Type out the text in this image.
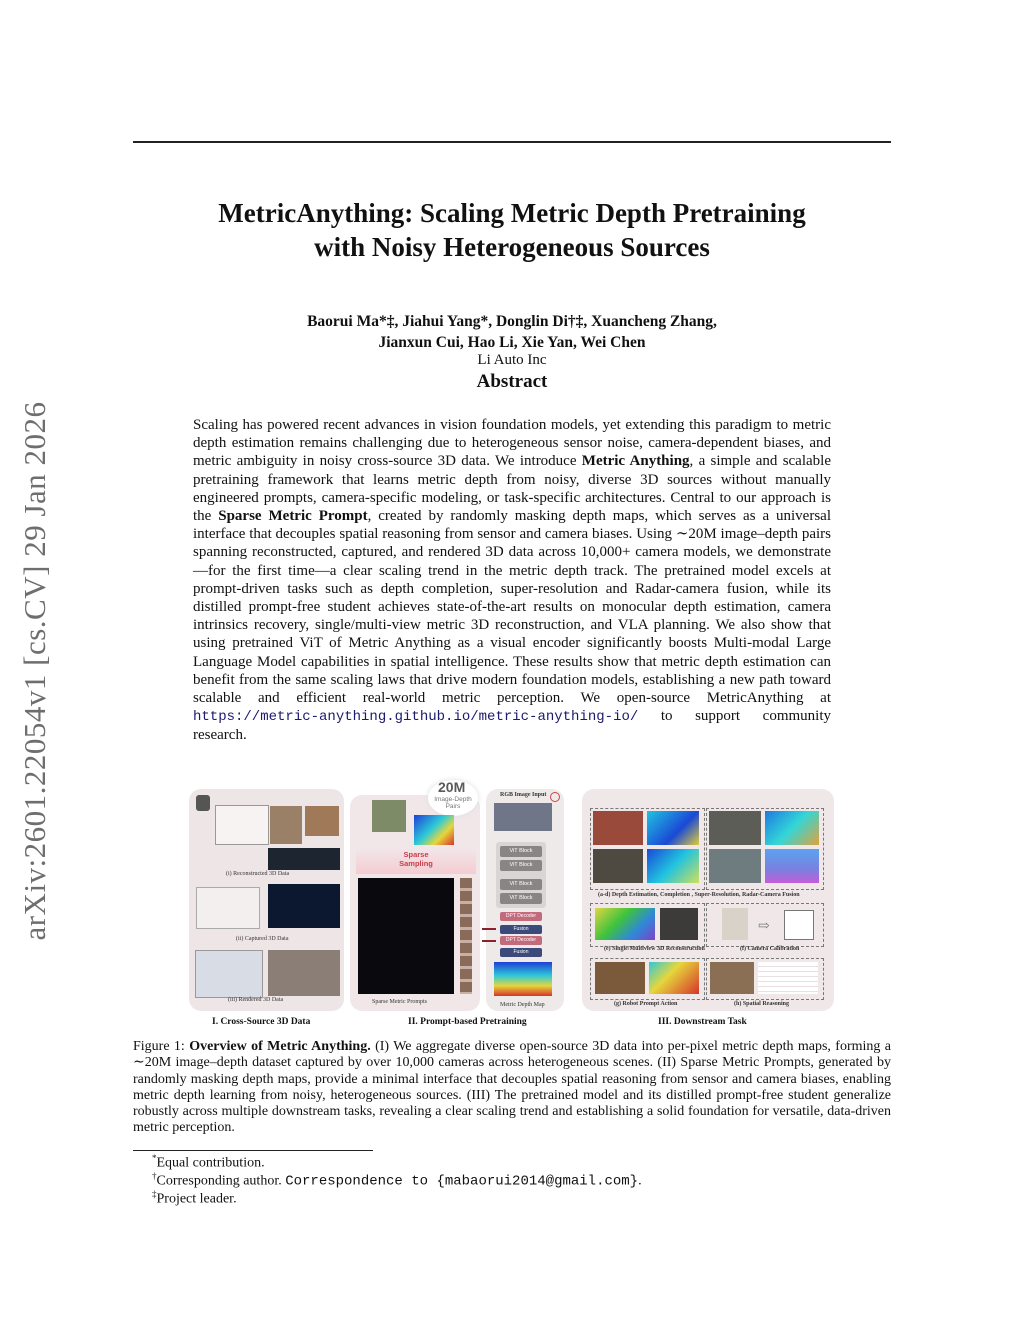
arXiv:2601.22054v1 [cs.CV] 29 Jan 2026
MetricAnything: Scaling Metric Depth Pretraining
with Noisy Heterogeneous Sources
Baorui Ma*‡, Jiahui Yang*, Donglin Di†‡, Xuancheng Zhang,
Jianxun Cui, Hao Li, Xie Yan, Wei Chen
Li Auto Inc
Abstract
Scaling has powered recent advances in vision foundation models, yet extending this paradigm to metric depth estimation remains challenging due to heterogeneous sensor noise, camera-dependent biases, and metric ambiguity in noisy cross-source 3D data. We introduce Metric Anything, a simple and scalable pretraining framework that learns metric depth from noisy, diverse 3D sources without manually engineered prompts, camera-specific modeling, or task-specific architectures. Central to our approach is the Sparse Metric Prompt, created by randomly masking depth maps, which serves as a universal interface that decouples spatial reasoning from sensor and camera biases. Using ∼20M image–depth pairs spanning reconstructed, captured, and rendered 3D data across 10,000+ camera models, we demonstrate—for the first time—a clear scaling trend in the metric depth track. The pretrained model excels at prompt-driven tasks such as depth completion, super-resolution and Radar-camera fusion, while its distilled prompt-free student achieves state-of-the-art results on monocular depth estimation, camera intrinsics recovery, single/multi-view metric 3D reconstruction, and VLA planning. We also show that using pretrained ViT of Metric Anything as a visual encoder significantly boosts Multi-modal Large Language Model capabilities in spatial intelligence. These results show that metric depth estimation can benefit from the same scaling laws that drive modern foundation models, establishing a new path toward scalable and efficient real-world metric perception. We open-source MetricAnything at https://metric-anything.github.io/metric-anything-io/ to support community research.
(i) Reconstructed 3D Data
(ii) Captured 3D Data
(iii) Rendered 3D Data
20M
Image-Depth Pairs
Sparse Sampling
Sparse Metric Prompts
RGB Image Input
ViT Block
ViT Block
ViT Block
ViT Block
DPT Decoder
Fusion
DPT Decoder
Fusion
Metric Depth Map
(a-d) Depth Estimation, Completion , Super-Resolution, Radar-Camera Fusion
(e) Single/Multiview 3D Reconstruction
⇨
(f) Camera Calibration
(g) Robot Prompt Action	(h) Spatial Reasoning
I. Cross-Source 3D Data	II. Prompt-based Pretraining	III. Downstream Task
Figure 1: Overview of Metric Anything. (I) We aggregate diverse open-source 3D data into per-pixel metric depth maps, forming a ∼20M image–depth dataset captured by over 10,000 cameras across heterogeneous scenes. (II) Sparse Metric Prompts, generated by randomly masking depth maps, provide a minimal interface that decouples spatial reasoning from sensor and camera biases, enabling metric depth learning from noisy, heterogeneous sources. (III) The pretrained model and its distilled prompt-free student generalize robustly across multiple downstream tasks, revealing a clear scaling trend and establishing a solid foundation for versatile, data-driven metric perception.
*Equal contribution.
†Corresponding author. Correspondence to {mabaorui2014@gmail.com}.
‡Project leader.
